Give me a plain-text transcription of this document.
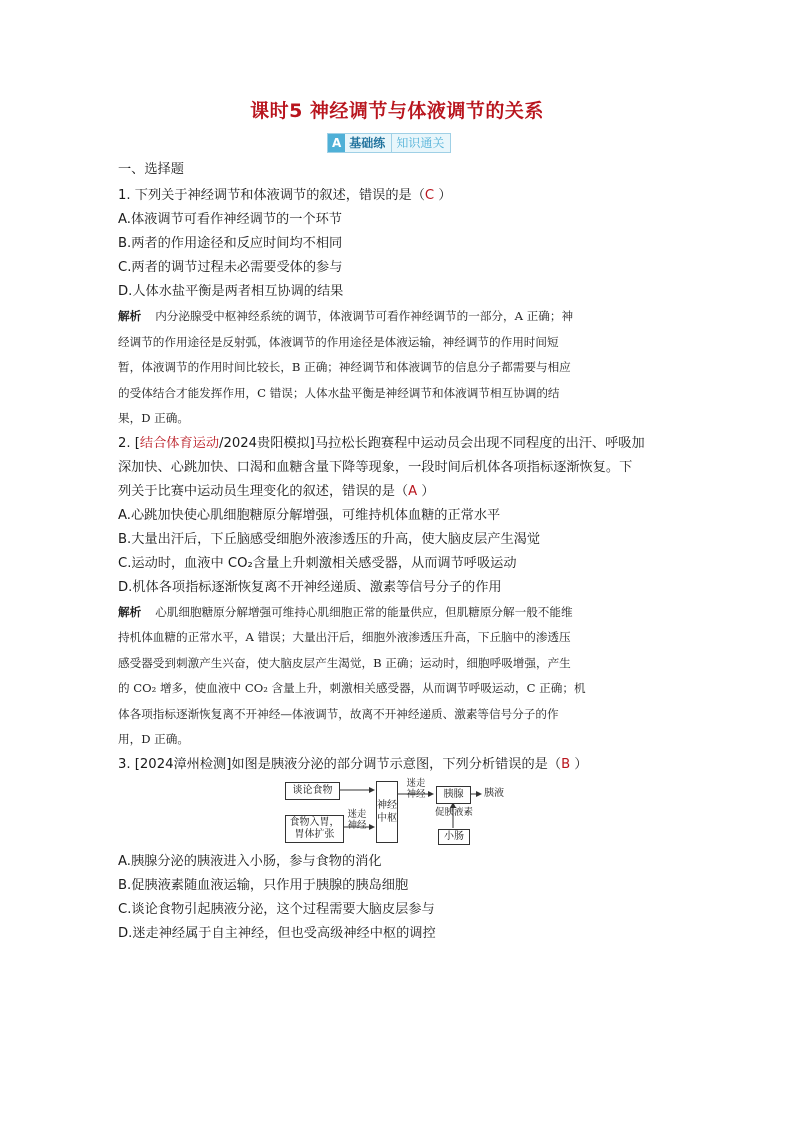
课时5 神经调节与体液调节的关系
A 基础练 知识通关
一、选择题
1. 下列关于神经调节和体液调节的叙述，错误的是（C ）
A.体液调节可看作神经调节的一个环节
B.两者的作用途径和反应时间均不相同
C.两者的调节过程未必需要受体的参与
D.人体水盐平衡是两者相互协调的结果
解析 内分泌腺受中枢神经系统的调节，体液调节可看作神经调节的一部分，A 正确；神
经调节的作用途径是反射弧，体液调节的作用途径是体液运输，神经调节的作用时间短
暂，体液调节的作用时间比较长，B 正确；神经调节和体液调节的信息分子都需要与相应
的受体结合才能发挥作用，C 错误；人体水盐平衡是神经调节和体液调节相互协调的结
果，D 正确。
2. [结合体育运动/2024贵阳模拟]马拉松长跑赛程中运动员会出现不同程度的出汗、呼吸加
深加快、心跳加快、口渴和血糖含量下降等现象，一段时间后机体各项指标逐渐恢复。下
列关于比赛中运动员生理变化的叙述，错误的是（A ）
A.心跳加快使心肌细胞糖原分解增强，可维持机体血糖的正常水平
B.大量出汗后，下丘脑感受细胞外液渗透压的升高，使大脑皮层产生渴觉
C.运动时，血液中 CO₂含量上升刺激相关感受器，从而调节呼吸运动
D.机体各项指标逐渐恢复离不开神经递质、激素等信号分子的作用
解析 心肌细胞糖原分解增强可维持心肌细胞正常的能量供应，但肌糖原分解一般不能维
持机体血糖的正常水平，A 错误；大量出汗后，细胞外液渗透压升高，下丘脑中的渗透压
感受器受到刺激产生兴奋，使大脑皮层产生渴觉，B 正确；运动时，细胞呼吸增强，产生
的 CO₂ 增多，使血液中 CO₂ 含量上升，刺激相关感受器，从而调节呼吸运动，C 正确；机
体各项指标逐渐恢复离不开神经—体液调节，故离不开神经递质、激素等信号分子的作
用，D 正确。
3. [2024漳州检测]如图是胰液分泌的部分调节示意图，下列分析错误的是（B ）
谈论食物
食物入胃，胃体扩张
迷走神经
神经中枢
迷走神经	胰腺	胰液
促胰液素
小肠
A.胰腺分泌的胰液进入小肠，参与食物的消化
B.促胰液素随血液运输，只作用于胰腺的胰岛细胞
C.谈论食物引起胰液分泌，这个过程需要大脑皮层参与
D.迷走神经属于自主神经，但也受高级神经中枢的调控
